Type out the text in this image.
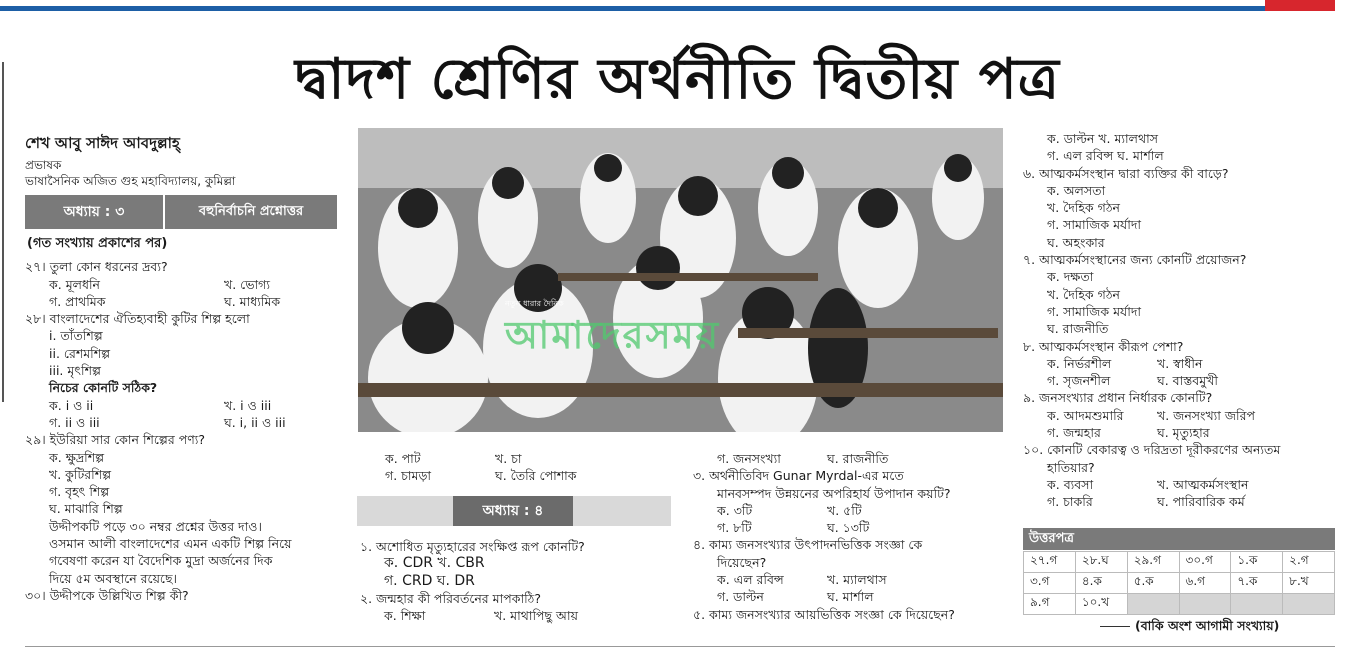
দ্বাদশ শ্রেণির অর্থনীতি দ্বিতীয় পত্র
শেখ আবু সাঈদ আবদুল্লাহ্
প্রভাষক
ভাষাসৈনিক অজিত গুহ মহাবিদ্যালয়, কুমিল্লা
অধ্যায় : ৩	বহুনির্বাচনি প্রশ্নোত্তর
(গত সংখ্যায় প্রকাশের পর)
২৭। তুলা কোন ধরনের দ্রব্য?
ক. মূলধনি	খ. ভোগ্য
গ. প্রাথমিক	ঘ. মাধ্যমিক
২৮। বাংলাদেশের ঐতিহ্যবাহী কুটির শিল্প হলো
i. তাঁতশিল্প
ii. রেশমশিল্প
iii. মৃৎশিল্প
নিচের কোনটি সঠিক?
ক. i ও ii	খ. i ও iii
গ. ii ও iii	ঘ. i, ii ও iii
২৯। ইউরিয়া সার কোন শিল্পের পণ্য?
ক. ক্ষুদ্রশিল্প
খ. কুটিরশিল্প
গ. বৃহৎ শিল্প
ঘ. মাঝারি শিল্প
উদ্দীপকটি পড়ে ৩০ নম্বর প্রশ্নের উত্তর দাও।
ওসমান আলী বাংলাদেশের এমন একটি শিল্প নিয়ে
গবেষণা করেন যা বৈদেশিক মুদ্রা অর্জনের দিক
দিয়ে ৫ম অবস্থানে রয়েছে।
৩০। উদ্দীপকে উল্লিখিত শিল্প কী?
নতুন ধারার দৈনিক
আমাদেরসময়
ক. পাট	খ. চা
গ. চামড়া	ঘ. তৈরি পোশাক
অধ্যায় : ৪
১. অশোধিত মৃত্যুহারের সংক্ষিপ্ত রূপ কোনটি?
ক. CDR খ. CBR
গ. CRD ঘ. DR
২. জন্মহার কী পরিবর্তনের মাপকাঠি?
ক. শিক্ষা	খ. মাথাপিছু আয়
গ. জনসংখ্যা	ঘ. রাজনীতি
৩. অর্থনীতিবিদ Gunar Myrdal-এর মতে
মানবসম্পদ উন্নয়নের অপরিহার্য উপাদান কয়টি?
ক. ৩টি	খ. ৫টি
গ. ৮টি	ঘ. ১৩টি
৪. কাম্য জনসংখ্যার উৎপাদনভিত্তিক সংজ্ঞা কে
দিয়েছেন?
ক. এল রবিন্স	খ. ম্যালথাস
গ. ডাল্টন	ঘ. মার্শাল
৫. কাম্য জনসংখ্যার আয়ভিত্তিক সংজ্ঞা কে দিয়েছেন?
ক. ডাল্টন খ. ম্যালথাস
গ. এল রবিন্স ঘ. মার্শাল
৬. আত্মকর্মসংস্থান দ্বারা ব্যক্তির কী বাড়ে?
ক. অলসতা
খ. দৈহিক গঠন
গ. সামাজিক মর্যাদা
ঘ. অহংকার
৭. আত্মকর্মসংস্থানের জন্য কোনটি প্রয়োজন?
ক. দক্ষতা
খ. দৈহিক গঠন
গ. সামাজিক মর্যাদা
ঘ. রাজনীতি
৮. আত্মকর্মসংস্থান কীরূপ পেশা?
ক. নির্ভরশীল	খ. স্বাধীন
গ. সৃজনশীল	ঘ. বাস্তবমুখী
৯. জনসংখ্যার প্রধান নির্ধারক কোনটি?
ক. আদমশুমারি	খ. জনসংখ্যা জরিপ
গ. জন্মহার	ঘ. মৃত্যুহার
১০. কোনটি বেকারত্ব ও দরিদ্রতা দূরীকরণের অন্যতম
হাতিয়ার?
ক. ব্যবসা	খ. আত্মকর্মসংস্থান
গ. চাকরি	ঘ. পারিবারিক কর্ম
উত্তরপত্র
২৭.গ	২৮.ঘ	২৯.গ	৩০.গ	১.ক	২.গ
৩.গ	৪.ক	৫.ক	৬.গ	৭.ক	৮.খ
৯.গ	১০.খ				
(বাকি অংশ আগামী সংখ্যায়)
